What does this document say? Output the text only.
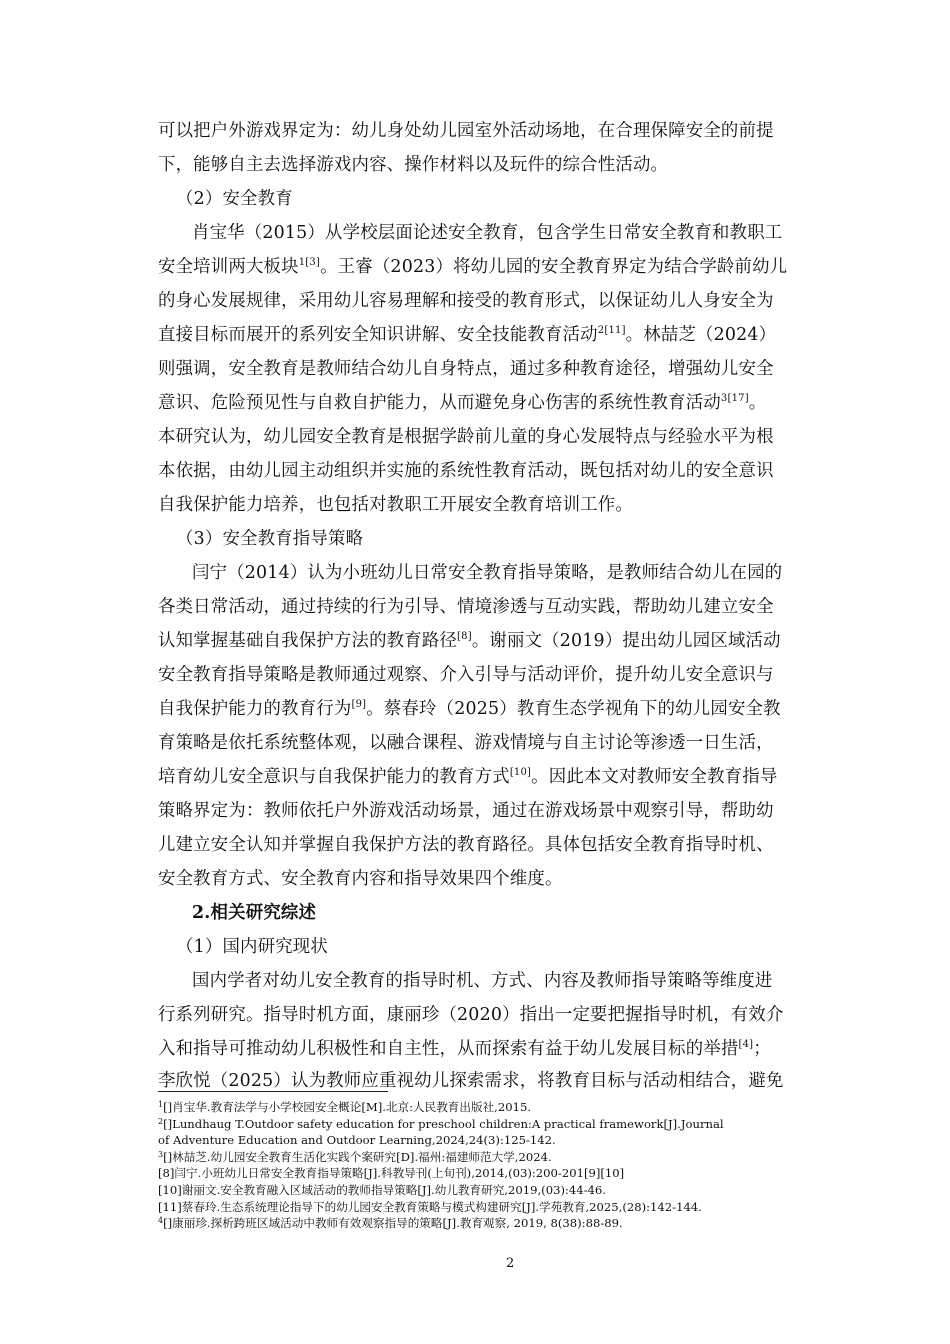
可以把户外游戏界定为：幼儿身处幼儿园室外活动场地，在合理保障安全的前提
下，能够自主去选择游戏内容、操作材料以及玩件的综合性活动。
（2）安全教育
肖宝华（2015）从学校层面论述安全教育，包含学生日常安全教育和教职工
安全培训两大板块$^{1[3]}$。王睿（2023）将幼儿园的安全教育界定为结合学龄前幼儿
的身心发展规律，采用幼儿容易理解和接受的教育形式，以保证幼儿人身安全为
直接目标而展开的系列安全知识讲解、安全技能教育活动$^{2[11]}$。林喆芝（2024）
则强调，安全教育是教师结合幼儿自身特点，通过多种教育途径，增强幼儿安全
意识、危险预见性与自救自护能力，从而避免身心伤害的系统性教育活动$^{3[17]}$。
本研究认为，幼儿园安全教育是根据学龄前儿童的身心发展特点与经验水平为根
本依据，由幼儿园主动组织并实施的系统性教育活动，既包括对幼儿的安全意识
自我保护能力培养，也包括对教职工开展安全教育培训工作。
（3）安全教育指导策略
闫宁（2014）认为小班幼儿日常安全教育指导策略，是教师结合幼儿在园的
各类日常活动，通过持续的行为引导、情境渗透与互动实践，帮助幼儿建立安全
认知掌握基础自我保护方法的教育路径[8]。谢丽文（2019）提出幼儿园区域活动
安全教育指导策略是教师通过观察、介入引导与活动评价，提升幼儿安全意识与
自我保护能力的教育行为[9]。蔡春玲（2025）教育生态学视角下的幼儿园安全教
育策略是依托系统整体观，以融合课程、游戏情境与自主讨论等渗透一日生活，
培育幼儿安全意识与自我保护能力的教育方式[10]。因此本文对教师安全教育指导
策略界定为：教师依托户外游戏活动场景，通过在游戏场景中观察引导，帮助幼
儿建立安全认知并掌握自我保护方法的教育路径。具体包括安全教育指导时机、
安全教育方式、安全教育内容和指导效果四个维度。
2.相关研究综述
（1）国内研究现状
国内学者对幼儿安全教育的指导时机、方式、内容及教师指导策略等维度进
行系列研究。指导时机方面，康丽珍（2020）指出一定要把握指导时机，有效介
入和指导可推动幼儿积极性和自主性，从而探索有益于幼儿发展目标的举措[4]；
$^1$[]肖宝华.教育法学与小学校园安全概论[M].北京:人民教育出版社,2015.
$^2$[]Lundhaug T.Outdoor safety education for preschool children:A practical framework[J].Journal
of Adventure Education and Outdoor Learning,2024,24(3):125-142.
$^3$[]林喆芝.幼儿园安全教育生活化实践个案研究[D].福州:福建师范大学,2024.
[8]闫宁.小班幼儿日常安全教育指导策略[J].科教导刊(上旬刊),2014,(03):200-201[9][10]
[10]谢丽文.安全教育融入区域活动的教师指导策略[J].幼儿教育研究,2019,(03):44-46.
[11]蔡春玲.生态系统理论指导下的幼儿园安全教育策略与模式构建研究[J].学苑教育,2025,(28):142-144.
$^4$[]康丽珍.探析跨班区域活动中教师有效观察指导的策略[J].教育观察, 2019, 8(38):88-89.
2
李欣悦（2025）认为教师应重视幼儿探索需求，将教育目标与活动相结合，避免
